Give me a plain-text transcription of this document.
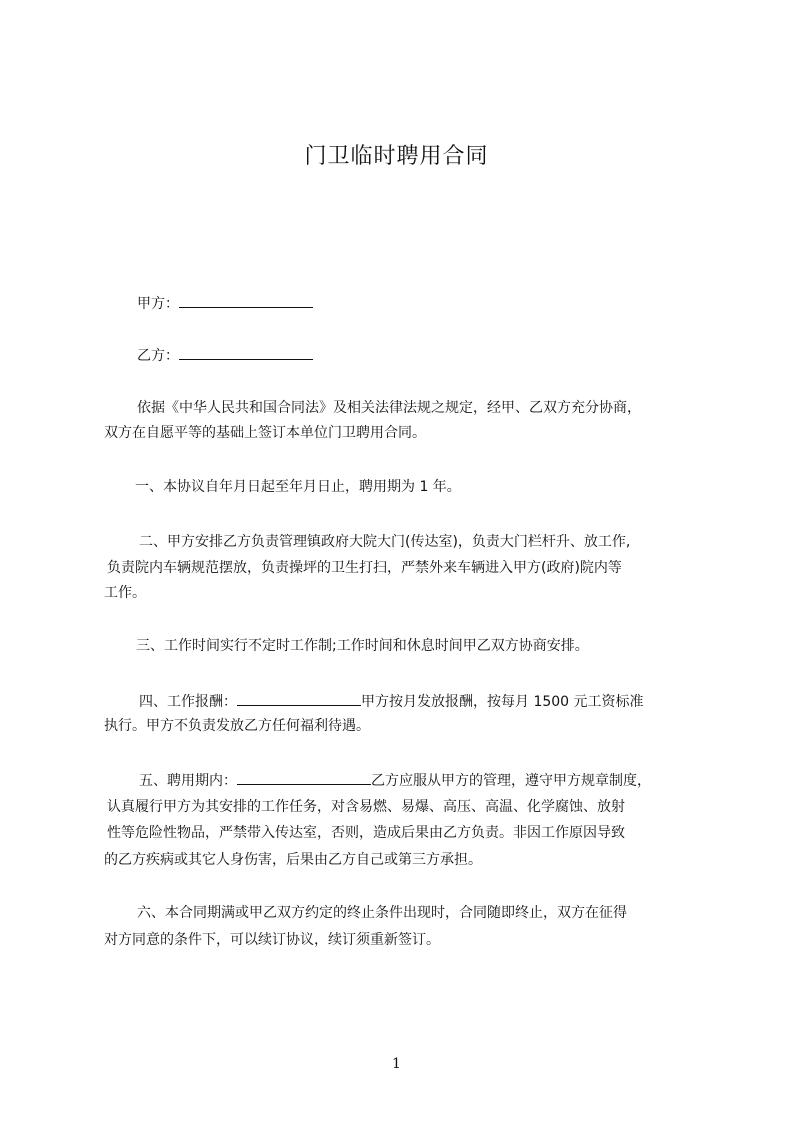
门卫临时聘用合同

甲方：

乙方：

依据《中华人民共和国合同法》及相关法律法规之规定，经甲、乙双方充分协商，

双方在自愿平等的基础上签订本单位门卫聘用合同。

一、本协议自年月日起至年月日止，聘用期为 1 年。

二、甲方安排乙方负责管理镇政府大院大门(传达室)，负责大门栏杆升、放工作,

负责院内车辆规范摆放，负责操坪的卫生打扫，严禁外来车辆进入甲方(政府)院内等

工作。

三、工作时间实行不定时工作制;工作时间和休息时间甲乙双方协商安排。

四、工作报酬：	甲方按月发放报酬，按每月 1500 元工资标准

执行。甲方不负责发放乙方任何福利待遇。

五、聘用期内：	乙方应服从甲方的管理，遵守甲方规章制度，

认真履行甲方为其安排的工作任务，对含易燃、易爆、高压、高温、化学腐蚀、放射

性等危险性物品，严禁带入传达室，否则，造成后果由乙方负责。非因工作原因导致

的乙方疾病或其它人身伤害，后果由乙方自己或第三方承担。

六、本合同期满或甲乙双方约定的终止条件出现时，合同随即终止，双方在征得

对方同意的条件下，可以续订协议，续订须重新签订。

1
